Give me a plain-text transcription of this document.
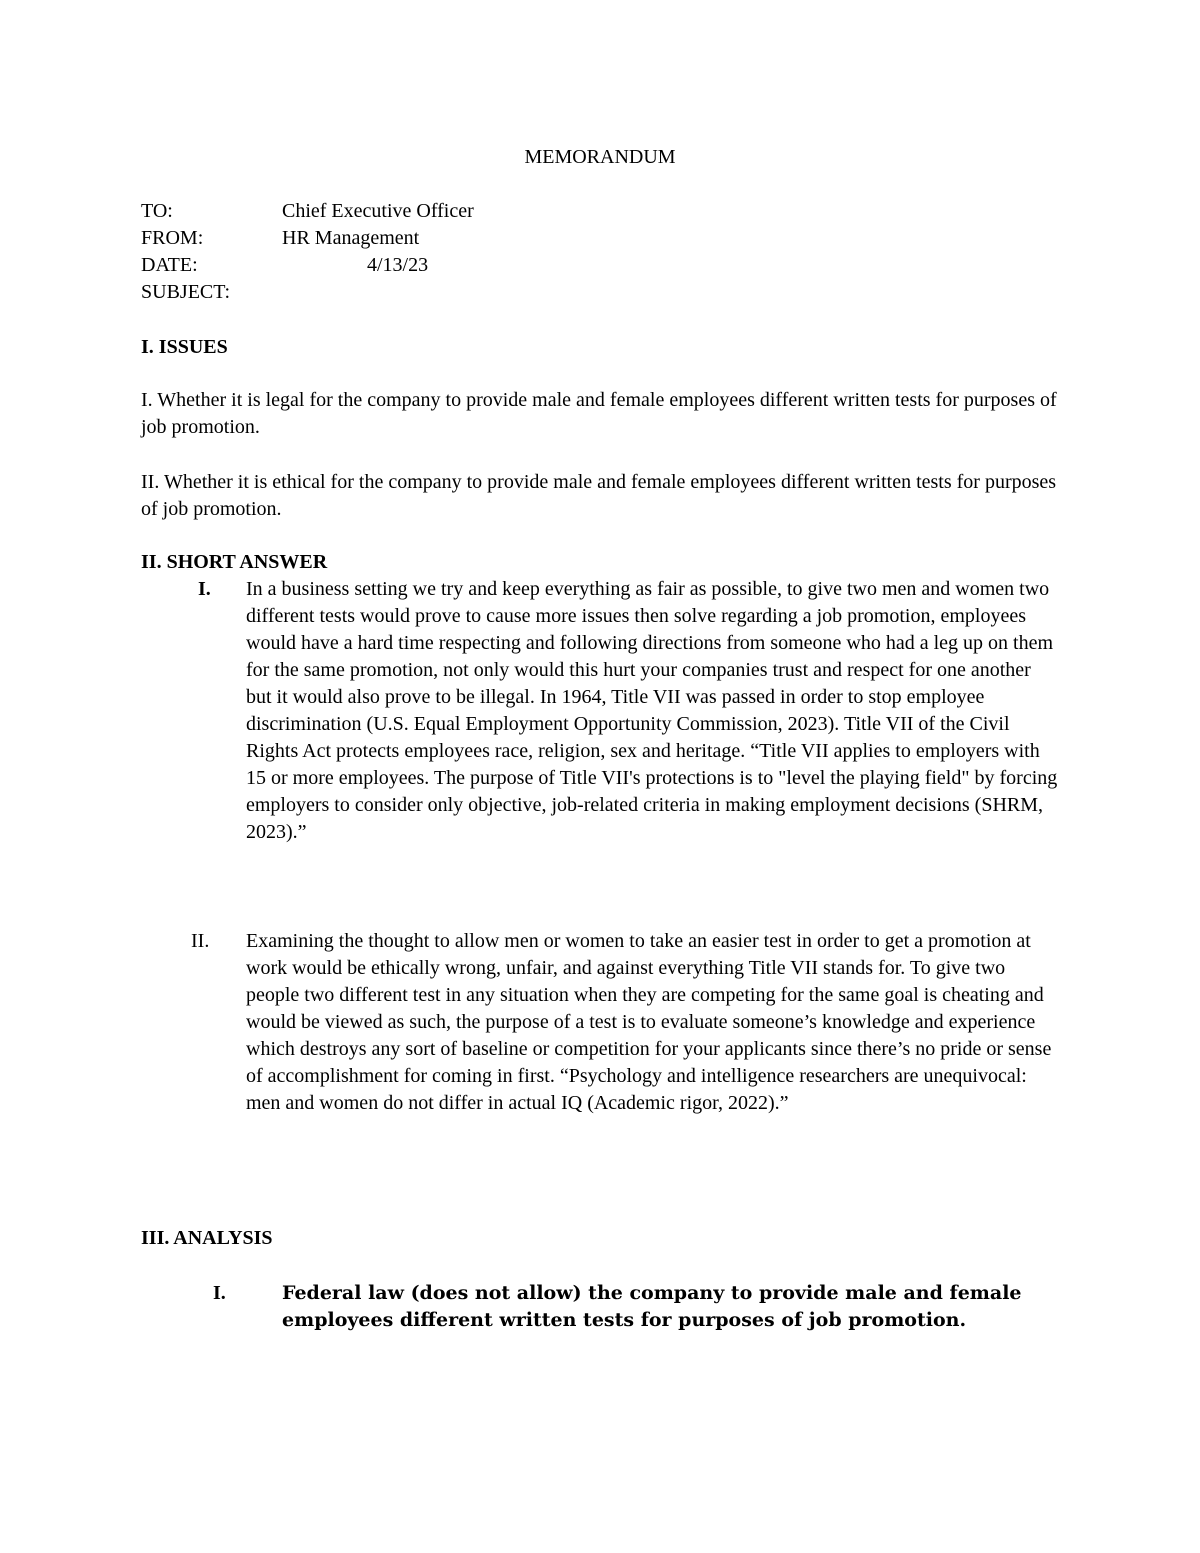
MEMORANDUM
TO:	Chief Executive Officer
FROM:	HR Management
DATE:	4/13/23
SUBJECT:
I. ISSUES
I. Whether it is legal for the company to provide male and female employees different written tests for purposes of job promotion.
II. Whether it is ethical for the company to provide male and female employees different written tests for purposes of job promotion.
II. SHORT ANSWER
I. In a business setting we try and keep everything as fair as possible, to give two men and women two different tests would prove to cause more issues then solve regarding a job promotion, employees would have a hard time respecting and following directions from someone who had a leg up on them for the same promotion, not only would this hurt your companies trust and respect for one another but it would also prove to be illegal. In 1964, Title VII was passed in order to stop employee discrimination (U.S. Equal Employment Opportunity Commission, 2023). Title VII of the Civil Rights Act protects employees race, religion, sex and heritage. “Title VII applies to employers with 15 or more employees. The purpose of Title VII's protections is to "level the playing field" by forcing employers to consider only objective, job-related criteria in making employment decisions (SHRM, 2023).”
II. Examining the thought to allow men or women to take an easier test in order to get a promotion at work would be ethically wrong, unfair, and against everything Title VII stands for. To give two people two different test in any situation when they are competing for the same goal is cheating and would be viewed as such, the purpose of a test is to evaluate someone’s knowledge and experience which destroys any sort of baseline or competition for your applicants since there’s no pride or sense of accomplishment for coming in first. “Psychology and intelligence researchers are unequivocal: men and women do not differ in actual IQ (Academic rigor, 2022).”
III. ANALYSIS
I.	Federal law (does not allow) the company to provide male and female employees different written tests for purposes of job promotion.
